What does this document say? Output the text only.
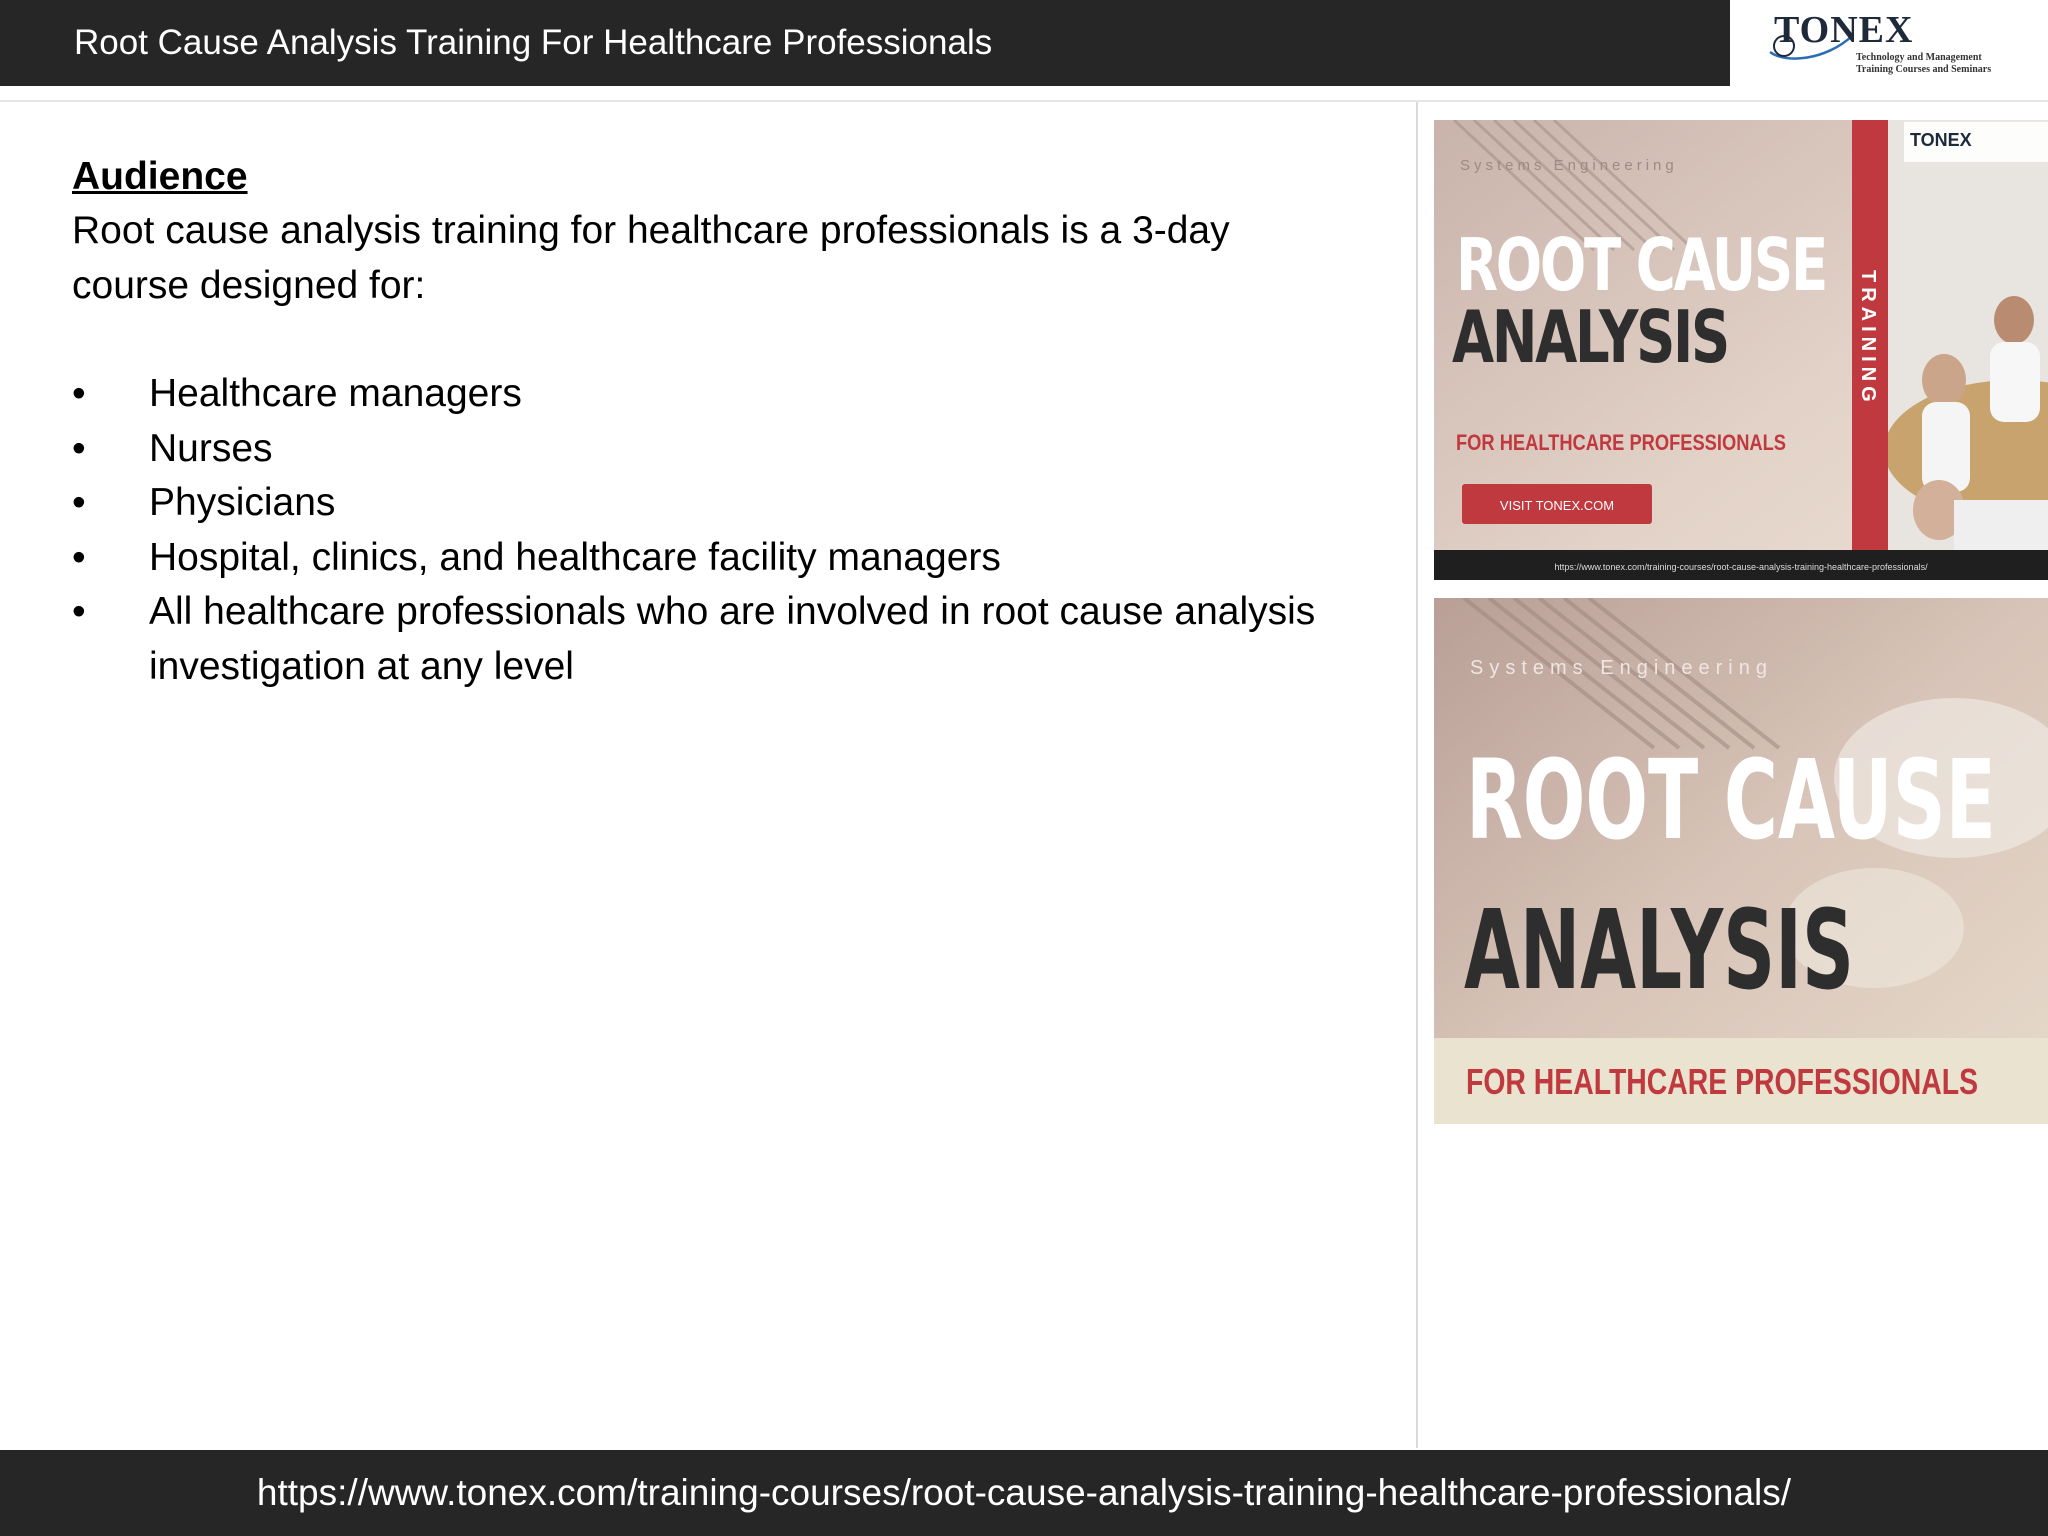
Root Cause Analysis Training For Healthcare Professionals	TONEX
Technology and Management
Training Courses and Seminars

Audience

Root cause analysis training for healthcare professionals is a 3-day course designed for:

• Healthcare managers
• Nurses
• Physicians
• Hospital, clinics, and healthcare facility managers
• All healthcare professionals who are involved in root cause analysis investigation at any level
TRAINING
TONEX
Systems Engineering
ROOT CAUSE
ANALYSIS
FOR HEALTHCARE PROFESSIONALS
VISIT TONEX.COM
https://www.tonex.com/training-courses/root-cause-analysis-training-healthcare-professionals/
Systems Engineering
ROOT CAUSE
ANALYSIS
FOR HEALTHCARE PROFESSIONALS
https://www.tonex.com/training-courses/root-cause-analysis-training-healthcare-professionals/
